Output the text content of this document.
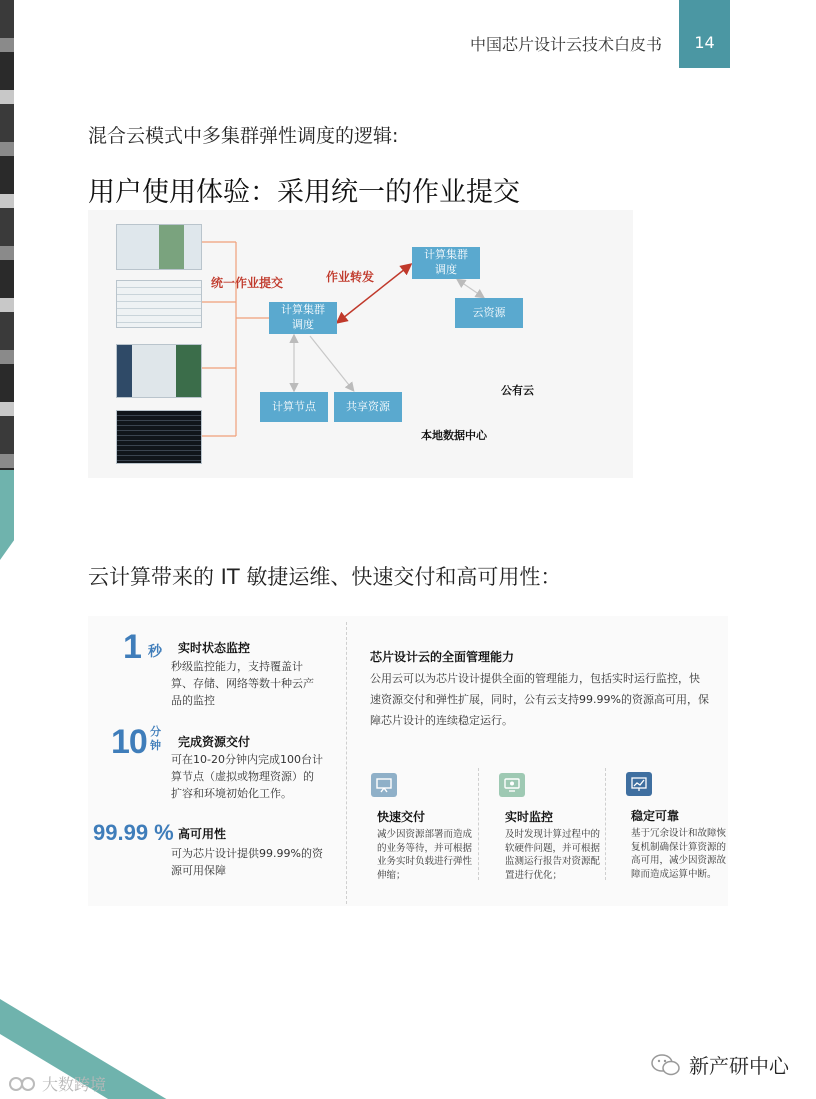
中国芯片设计云技术白皮书	14
混合云模式中多集群弹性调度的逻辑:
用户使用体验：采用统一的作业提交
统一作业提交	作业转发
计算集群
调度
计算集群
调度
云资源
计算节点	共享资源
公有云
本地数据中心
云计算带来的 IT 敏捷运维、快速交付和高可用性：
1 秒 实时状态监控
秒级监控能力，支持覆盖计算、存储、网络等数十种云产品的监控
10 分
钟 完成资源交付
可在10-20分钟内完成100台计算节点（虚拟或物理资源）的扩容和环境初始化工作。
99.99 % 高可用性
可为芯片设计提供99.99%的资源可用保障
芯片设计云的全面管理能力
公用云可以为芯片设计提供全面的管理能力，包括实时运行监控，快速资源交付和弹性扩展，同时，公有云支持99.99%的资源高可用，保障芯片设计的连续稳定运行。
快速交付
减少因资源部署而造成的业务等待，并可根据业务实时负载进行弹性伸缩；
实时监控
及时发现计算过程中的软硬件问题，并可根据监测运行报告对资源配置进行优化；
稳定可靠
基于冗余设计和故障恢复机制确保计算资源的高可用，减少因资源故障而造成运算中断。
新产研中心
大数跨境
